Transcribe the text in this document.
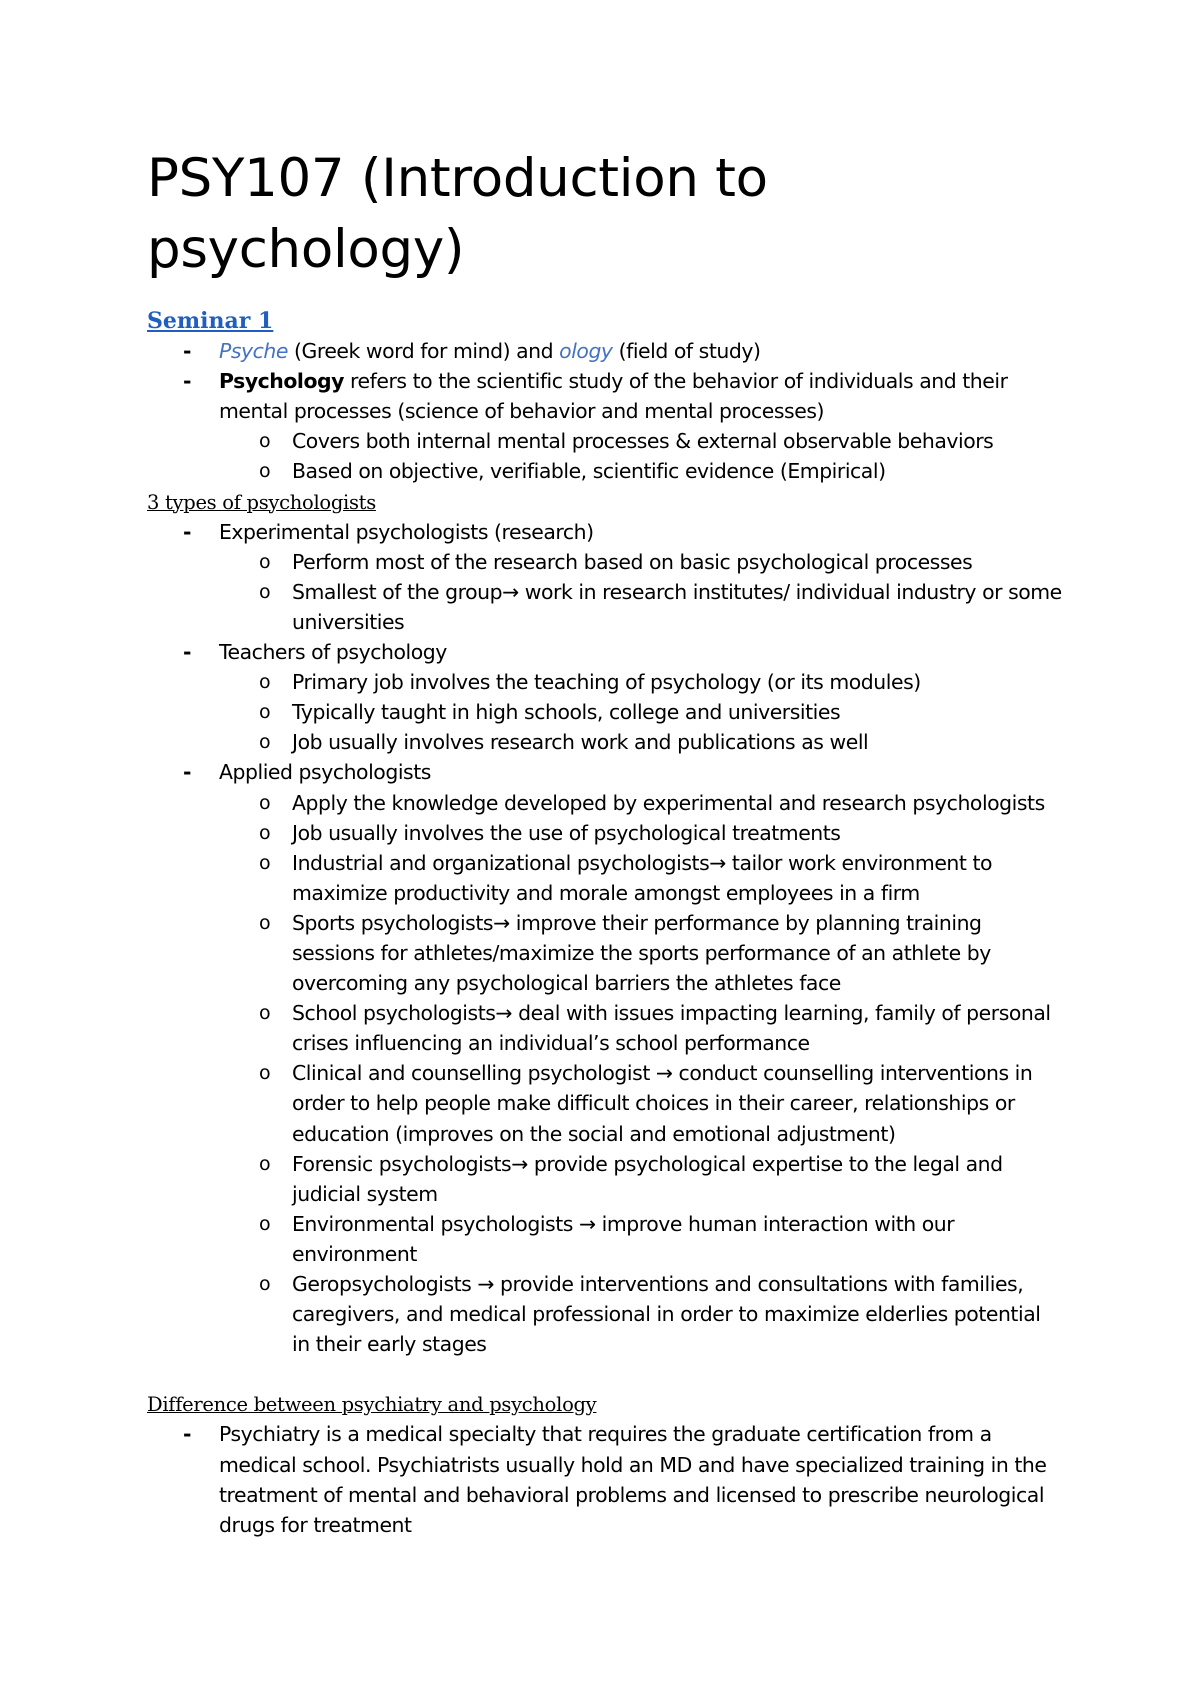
PSY107 (Introduction to psychology)
Seminar 1
- Psyche (Greek word for mind) and ology (field of study)
- Psychology refers to the scientific study of the behavior of individuals and their mental processes (science of behavior and mental processes)
o Covers both internal mental processes & external observable behaviors
o Based on objective, verifiable, scientific evidence (Empirical)
3 types of psychologists
- Experimental psychologists (research)
o Perform most of the research based on basic psychological processes
o Smallest of the group→ work in research institutes/ individual industry or some universities
- Teachers of psychology
o Primary job involves the teaching of psychology (or its modules)
o Typically taught in high schools, college and universities
o Job usually involves research work and publications as well
- Applied psychologists
o Apply the knowledge developed by experimental and research psychologists
o Job usually involves the use of psychological treatments
o Industrial and organizational psychologists→ tailor work environment to maximize productivity and morale amongst employees in a firm
o Sports psychologists→ improve their performance by planning training sessions for athletes/maximize the sports performance of an athlete by overcoming any psychological barriers the athletes face
o School psychologists→ deal with issues impacting learning, family of personal crises influencing an individual’s school performance
o Clinical and counselling psychologist → conduct counselling interventions in order to help people make difficult choices in their career, relationships or education (improves on the social and emotional adjustment)
o Forensic psychologists→ provide psychological expertise to the legal and judicial system
o Environmental psychologists → improve human interaction with our environment
o Geropsychologists → provide interventions and consultations with families, caregivers, and medical professional in order to maximize elderlies potential in their early stages
Difference between psychiatry and psychology
- Psychiatry is a medical specialty that requires the graduate certification from a medical school. Psychiatrists usually hold an MD and have specialized training in the treatment of mental and behavioral problems and licensed to prescribe neurological drugs for treatment
